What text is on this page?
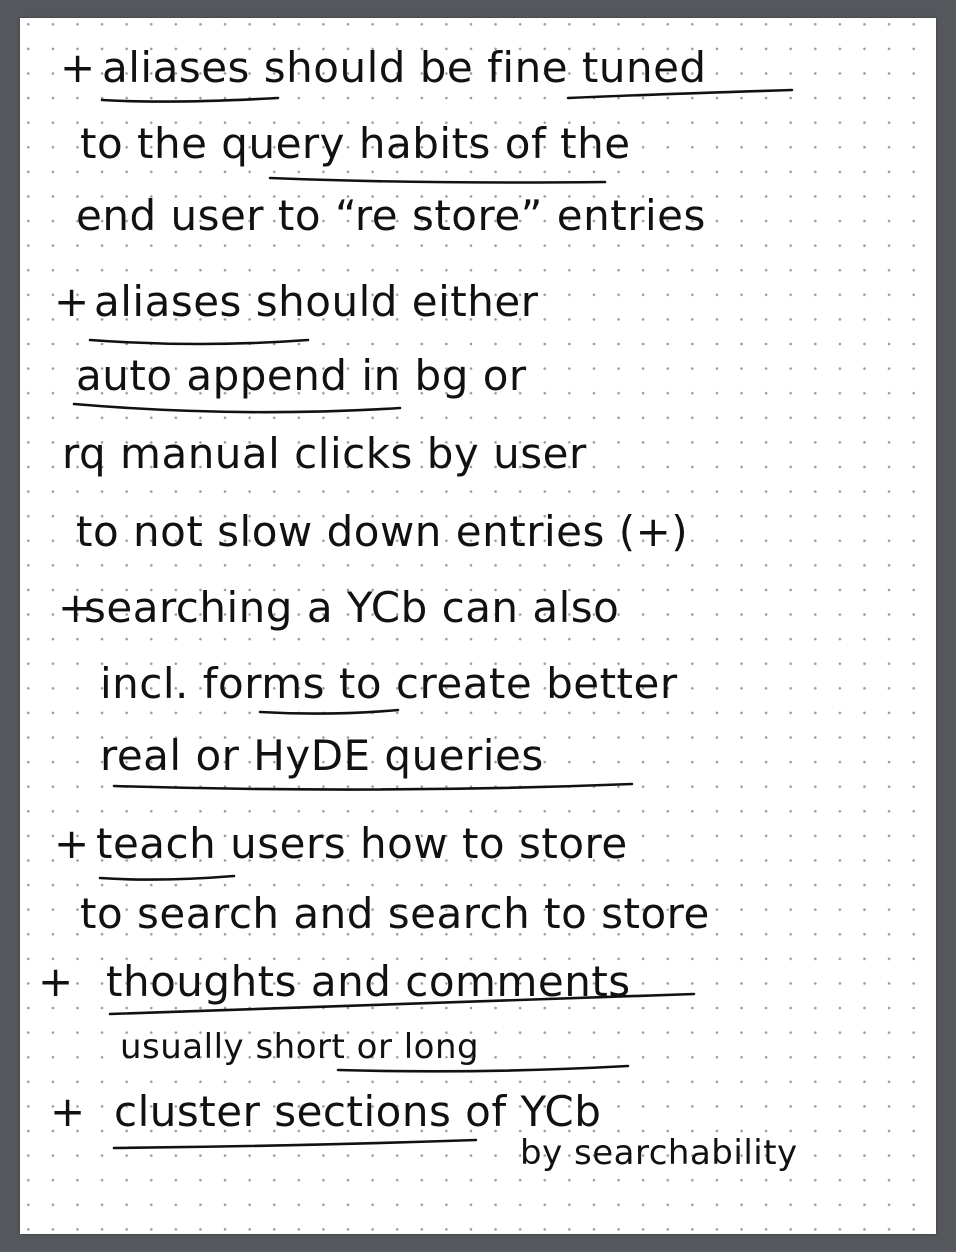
+ aliases should be fine tuned
to the query habits of the
end user to “re store” entries
+ aliases should either
auto append in bg or
rq manual clicks by user
to not slow down entries (+)
+
searching a YCb can also
incl. forms to create better
real or HyDE queries
+ teach users how to store
to search and search to store
+ thoughts and comments
usually short or long
+ cluster sections of YCb
by searchability
